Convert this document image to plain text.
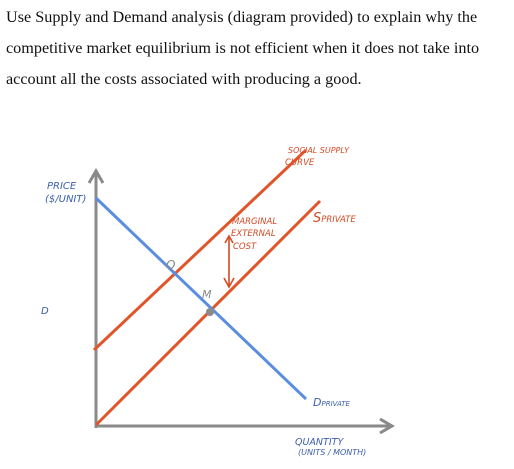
Use Supply and Demand analysis (diagram provided) to explain why the

competitive market equilibrium is not efficient when it does not take into

account all the costs associated with producing a good.

PRICE
($/UNIT)
QUANTITY
(UNITS / MONTH)
SOCIAL SUPPLY
CURVE
SPRIVATE
DPRIVATE
MARGINAL
EXTERNAL
COST
O
M
D
